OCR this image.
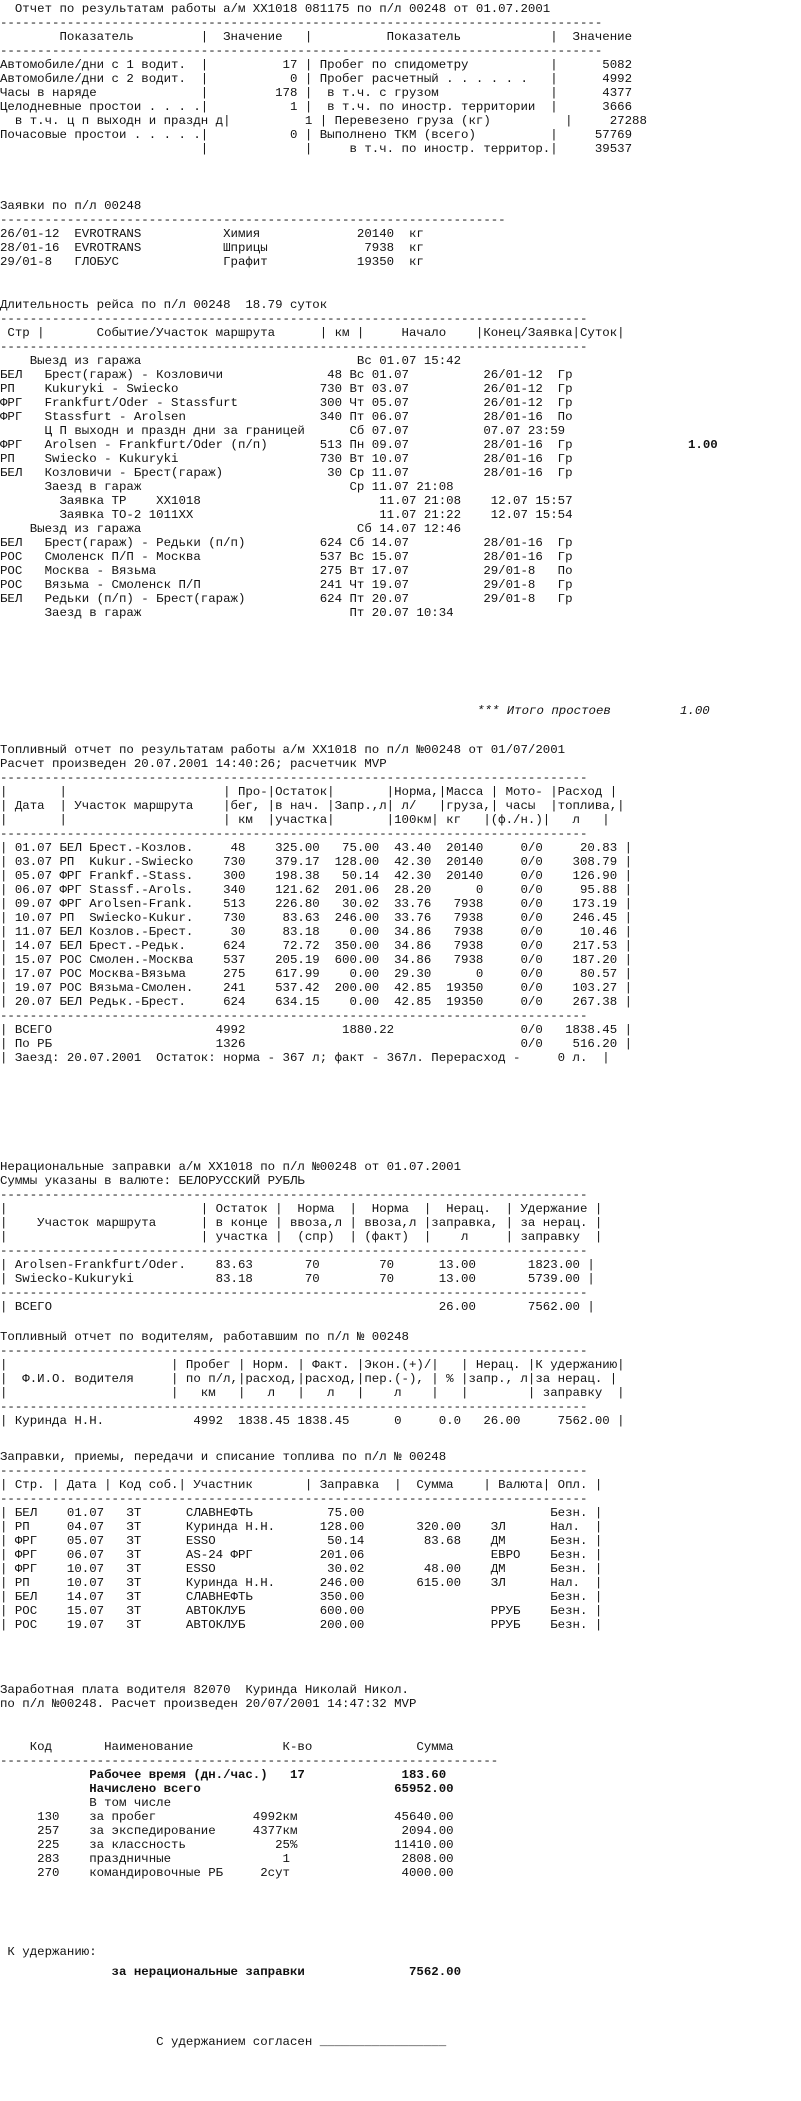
Отчет по результатам работы а/м ХХ1018 081175 по п/л 00248 от 01.07.2001
---------------------------------------------------------------------------------
Показатель         |  Значение   |          Показатель            |  Значение
---------------------------------------------------------------------------------
Автомобиле/дни с 1 водит.  |          17 | Пробег по спидометру           |      5082
Автомобиле/дни с 2 водит.  |           0 | Пробег расчетный . . . . . .   |      4992
Часы в наряде              |         178 |  в т.ч. с грузом               |      4377
Целодневные простои . . . .|           1 |  в т.ч. по иностр. территории  |      3666
в т.ч. ц п выходн и праздн д|          1 | Перевезено груза (кг)          |     27288
Почасовые простои . . . . .|           0 | Выполнено ТКМ (всего)          |     57769
|             |     в т.ч. по иностр. территор.|     39537

Заявки по п/л 00248
--------------------------------------------------------------------
26/01-12  EVROTRANS           Химия             20140  кг
28/01-16  EVROTRANS           Шприцы             7938  кг
29/01-8   ГЛОБУС              Графит            19350  кг

Длительность рейса по п/л 00248  18.79 суток
-------------------------------------------------------------------------------
Стр |       Событие/Участок маршрута      | км |     Начало    |Конец/Заявка|Суток|
-------------------------------------------------------------------------------
Выезд из гаража                             Вс 01.07 15:42
БЕЛ   Брест(гараж) - Козловичи              48 Вс 01.07          26/01-12  Гр
РП    Kukuryki - Swiecko                   730 Вт 03.07          26/01-12  Гр
ФРГ   Frankfurt/Oder - Stassfurt           300 Чт 05.07          26/01-12  Гр
ФРГ   Stassfurt - Arolsen                  340 Пт 06.07          28/01-16  По
Ц П выходн и праздн дни за границей      Сб 07.07          07.07 23:59
ФРГ   Arolsen - Frankfurt/Oder (п/п)       513 Пн 09.07          28/01-16  Гр
РП    Swiecko - Kukuryki                   730 Вт 10.07          28/01-16  Гр
БЕЛ   Козловичи - Брест(гараж)              30 Ср 11.07          28/01-16  Гр
Заезд в гараж                            Ср 11.07 21:08
Заявка ТР    ХХ1018                        11.07 21:08    12.07 15:57
Заявка ТО-2 1011ХХ                         11.07 21:22    12.07 15:54
Выезд из гаража                             Сб 14.07 12:46
БЕЛ   Брест(гараж) - Редьки (п/п)          624 Сб 14.07          28/01-16  Гр
РОС   Смоленск П/П - Москва                537 Вс 15.07          28/01-16  Гр
РОС   Москва - Вязьма                      275 Вт 17.07          29/01-8   По
РОС   Вязьма - Смоленск П/П                241 Чт 19.07          29/01-8   Гр
БЕЛ   Редьки (п/п) - Брест(гараж)          624 Пт 20.07          29/01-8   Гр
Заезд в гараж                            Пт 20.07 10:34

1.00

*** Итого простоев

	1.00

Топливный отчет по результатам работы а/м ХХ1018 по п/л №00248 от 01/07/2001
Расчет произведен 20.07.2001 14:40:26; расчетчик MVP
-------------------------------------------------------------------------------
|       |                     | Про-|Остаток|       |Норма,|Масса | Мото- |Расход |
| Дата  | Участок маршрута    |бег, |в нач. |Запр.,л| л/   |груза,| часы  |топлива,|
|       |                     | км  |участка|       |100км| кг   |(ф./н.)|   л   |
-------------------------------------------------------------------------------
| 01.07 БЕЛ Брест.-Козлов.     48    325.00   75.00  43.40  20140     0/0     20.83 |
| 03.07 РП  Kukur.-Swiecko    730    379.17  128.00  42.30  20140     0/0    308.79 |
| 05.07 ФРГ Frankf.-Stass.    300    198.38   50.14  42.30  20140     0/0    126.90 |
| 06.07 ФРГ Stassf.-Arols.    340    121.62  201.06  28.20      0     0/0     95.88 |
| 09.07 ФРГ Arolsen-Frank.    513    226.80   30.02  33.76   7938     0/0    173.19 |
| 10.07 РП  Swiecko-Kukur.    730     83.63  246.00  33.76   7938     0/0    246.45 |
| 11.07 БЕЛ Козлов.-Брест.     30     83.18    0.00  34.86   7938     0/0     10.46 |
| 14.07 БЕЛ Брест.-Редьк.     624     72.72  350.00  34.86   7938     0/0    217.53 |
| 15.07 РОС Смолен.-Москва    537    205.19  600.00  34.86   7938     0/0    187.20 |
| 17.07 РОС Москва-Вязьма     275    617.99    0.00  29.30      0     0/0     80.57 |
| 19.07 РОС Вязьма-Смолен.    241    537.42  200.00  42.85  19350     0/0    103.27 |
| 20.07 БЕЛ Редьк.-Брест.     624    634.15    0.00  42.85  19350     0/0    267.38 |
-------------------------------------------------------------------------------
| ВСЕГО                      4992             1880.22                 0/0   1838.45 |
| По РБ                      1326                                     0/0    516.20 |
| Заезд: 20.07.2001  Остаток: норма - 367 л; факт - 367л. Перерасход -     0 л.  |

Нерациональные заправки а/м ХХ1018 по п/л №00248 от 01.07.2001
Суммы указаны в валюте: БЕЛОРУССКИЙ РУБЛЬ
-------------------------------------------------------------------------------
|                          | Остаток |  Норма  |  Норма  |  Нерац.  | Удержание |
|    Участок маршрута      | в конце | ввоза,л | ввоза,л |заправка, | за нерац. |
|                          | участка |  (спр)  | (факт)  |    л     | заправку  |
-------------------------------------------------------------------------------
| Arolsen-Frankfurt/Oder.    83.63       70        70      13.00       1823.00 |
| Swiecko-Kukuryki           83.18       70        70      13.00       5739.00 |
-------------------------------------------------------------------------------
| ВСЕГО                                                    26.00       7562.00 |

Топливный отчет по водителям, работавшим по п/л № 00248
-------------------------------------------------------------------------------
|                      | Пробег | Норм. | Факт. |Экон.(+)/|   | Нерац. |К удержанию|
|  Ф.И.О. водителя     | по п/л,|расход,|расход,|пер.(-), | % |запр., л|за нерац. |
|                      |   км   |   л   |   л   |    л    |   |        | заправку  |
-------------------------------------------------------------------------------
| Куринда Н.Н.            4992  1838.45 1838.45      0     0.0   26.00     7562.00 |

Заправки, приемы, передачи и списание топлива по п/л № 00248
-------------------------------------------------------------------------------
| Стр. | Дата | Код соб.| Участник       | Заправка  |  Сумма    | Валюта| Опл. |
-------------------------------------------------------------------------------
| БЕЛ    01.07   ЗТ      СЛАВНЕФТЬ          75.00                         Безн. |
| РП     04.07   ЗТ      Куринда Н.Н.      128.00       320.00    ЗЛ      Нал.  |
| ФРГ    05.07   ЗТ      ESSO               50.14        83.68    ДМ      Безн. |
| ФРГ    06.07   ЗТ      AS-24 ФРГ         201.06                 ЕВРО    Безн. |
| ФРГ    10.07   ЗТ      ESSO               30.02        48.00    ДМ      Безн. |
| РП     10.07   ЗТ      Куринда Н.Н.      246.00       615.00    ЗЛ      Нал.  |
| БЕЛ    14.07   ЗТ      СЛАВНЕФТЬ         350.00                         Безн. |
| РОС    15.07   ЗТ      АВТОКЛУБ          600.00                 РРУБ    Безн. |
| РОС    19.07   ЗТ      АВТОКЛУБ          200.00                 РРУБ    Безн. |

Заработная плата водителя 82070  Куринда Николай Никол.
по п/л №00248. Расчет произведен 20/07/2001 14:47:32 MVP

Код       Наименование            К-во              Сумма
-------------------------------------------------------------------
Рабочее время (дн./час.)   17             183.60
Начислено всего                          65952.00
В том числе
130    за пробег             4992км             45640.00
257    за экспедирование     4377км              2094.00
225    за классность            25%             11410.00
283    праздничные               1               2808.00
270    командировочные РБ     2сут               4000.00

К удержанию:

за нерациональные заправки              7562.00

С удержанием согласен _________________
